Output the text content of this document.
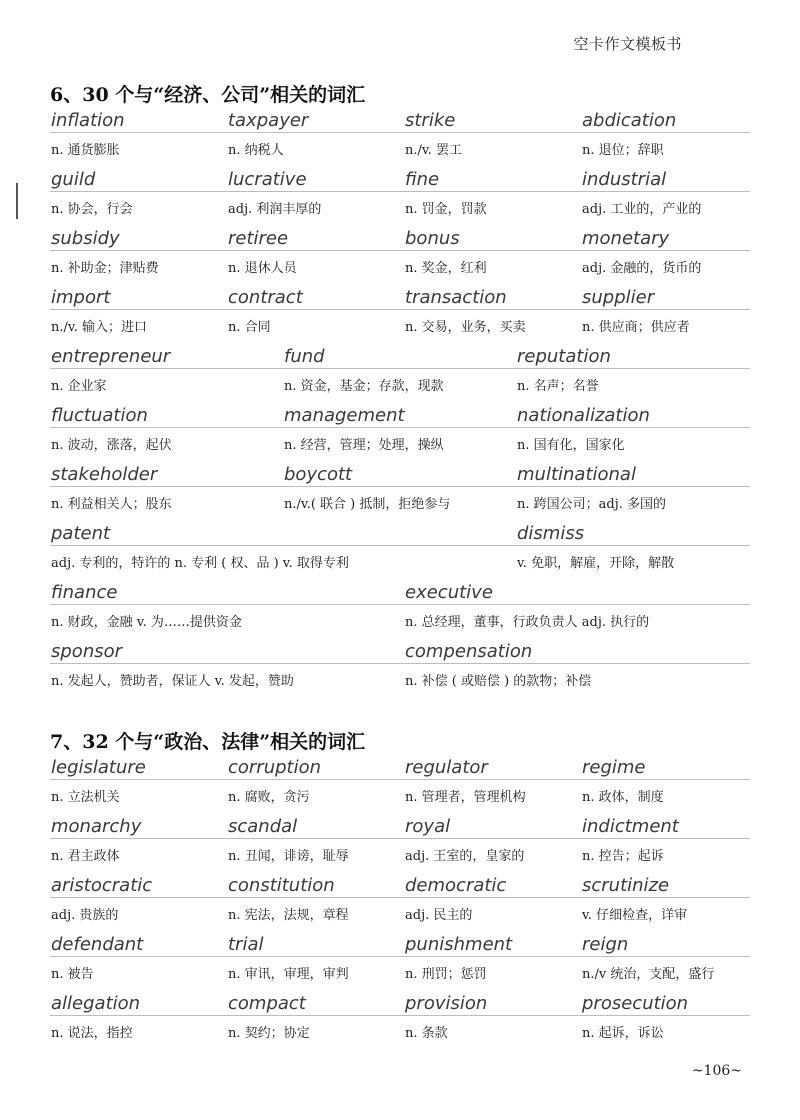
空卡作文模板书
6、30 个与“经济、公司”相关的词汇
inflation
n. 通货膨胀
taxpayer
n. 纳税人
strike
n./v. 罢工
abdication
n. 退位；辞职
guild
n. 协会，行会
lucrative
adj. 利润丰厚的
fine
n. 罚金，罚款
industrial
adj. 工业的，产业的
subsidy
n. 补助金；津贴费
retiree
n. 退休人员
bonus
n. 奖金，红利
monetary
adj. 金融的，货币的
import
n./v. 输入；进口
contract
n. 合同
transaction
n. 交易，业务，买卖
supplier
n. 供应商；供应者
entrepreneur
n. 企业家
fund
n. 资金，基金；存款，现款
reputation
n. 名声；名誉
fluctuation
n. 波动，涨落，起伏
management
n. 经营，管理；处理，操纵
nationalization
n. 国有化，国家化
stakeholder
n. 利益相关人；股东
boycott
n./v.( 联合 ) 抵制，拒绝参与
multinational
n. 跨国公司；adj. 多国的
patent
adj. 专利的，特许的 n. 专利 ( 权、品 ) v. 取得专利
dismiss
v. 免职，解雇，开除，解散
finance
n. 财政，金融 v. 为……提供资金
executive
n. 总经理，董事，行政负责人 adj. 执行的
sponsor
n. 发起人，赞助者，保证人 v. 发起，赞助
compensation
n. 补偿 ( 或赔偿 ) 的款物；补偿
7、32 个与“政治、法律”相关的词汇
legislature
n. 立法机关
corruption
n. 腐败，贪污
regulator
n. 管理者，管理机构
regime
n. 政体，制度
monarchy
n. 君主政体
scandal
n. 丑闻，诽谤，耻辱
royal
adj. 王室的，皇家的
indictment
n. 控告；起诉
aristocratic
adj. 贵族的
constitution
n. 宪法，法规，章程
democratic
adj. 民主的
scrutinize
v. 仔细检查，详审
defendant
n. 被告
trial
n. 审讯，审理，审判
punishment
n. 刑罚；惩罚
reign
n./v 统治，支配，盛行
allegation
n. 说法，指控
compact
n. 契约；协定
provision
n. 条款
prosecution
n. 起诉，诉讼
~106~
